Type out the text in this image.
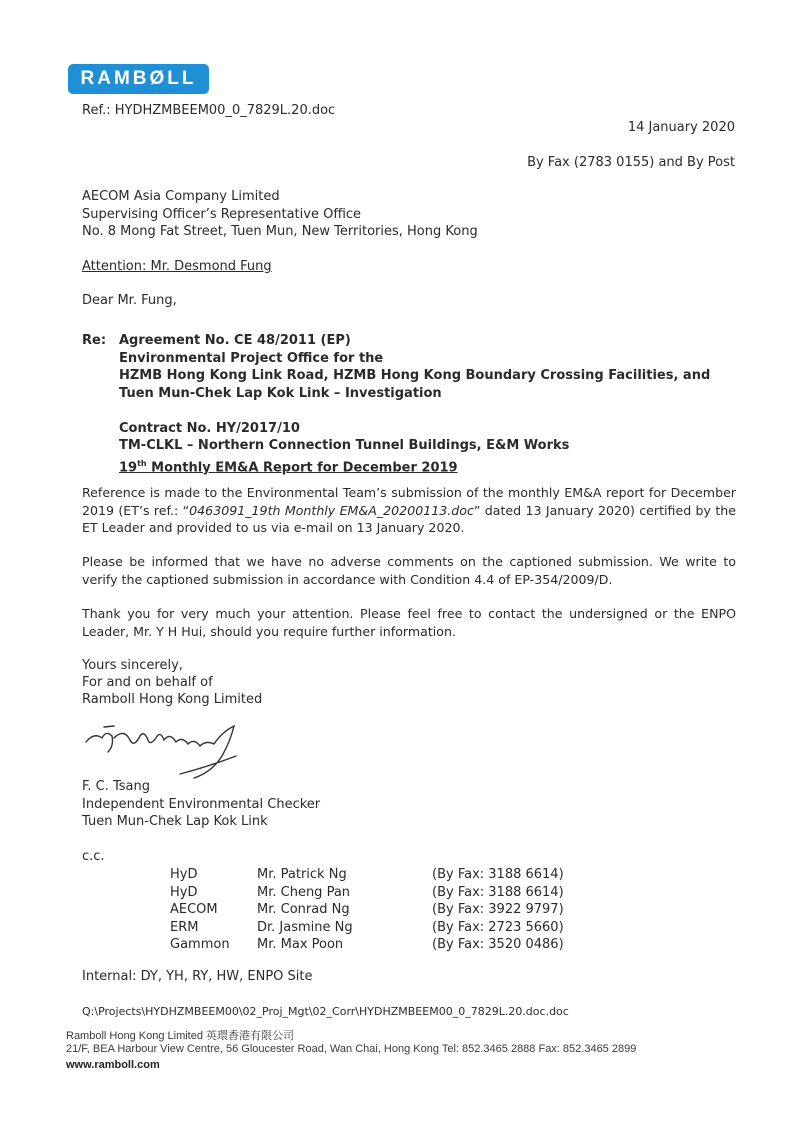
RAMBØLL
Ref.: HYDHZMBEEM00_0_7829L.20.doc
14 January 2020
By Fax (2783 0155) and By Post
AECOM Asia Company Limited
Supervising Officer’s Representative Office
No. 8 Mong Fat Street, Tuen Mun, New Territories, Hong Kong
Attention: Mr. Desmond Fung
Dear Mr. Fung,
Re: Agreement No. CE 48/2011 (EP)
Environmental Project Office for the
HZMB Hong Kong Link Road, HZMB Hong Kong Boundary Crossing Facilities, and
Tuen Mun-Chek Lap Kok Link – Investigation
Contract No. HY/2017/10
TM-CLKL – Northern Connection Tunnel Buildings, E&M Works
19th Monthly EM&A Report for December 2019
Reference is made to the Environmental Team’s submission of the monthly EM&A report for December 2019 (ET’s ref.: “0463091_19th Monthly EM&A_20200113.doc” dated 13 January 2020) certified by the ET Leader and provided to us via e-mail on 13 January 2020.
Please be informed that we have no adverse comments on the captioned submission. We write to verify the captioned submission in accordance with Condition 4.4 of EP-354/2009/D.
Thank you for very much your attention. Please feel free to contact the undersigned or the ENPO Leader, Mr. Y H Hui, should you require further information.
Yours sincerely,
For and on behalf of
Ramboll Hong Kong Limited
F. C. Tsang
Independent Environmental Checker
Tuen Mun-Chek Lap Kok Link
c.c.
HyD	Mr. Patrick Ng	(By Fax: 3188 6614)
HyD	Mr. Cheng Pan	(By Fax: 3188 6614)
AECOM	Mr. Conrad Ng	(By Fax: 3922 9797)
ERM	Dr. Jasmine Ng	(By Fax: 2723 5660)
Gammon	Mr. Max Poon	(By Fax: 3520 0486)
Internal: DY, YH, RY, HW, ENPO Site
Q:\Projects\HYDHZMBEEM00\02_Proj_Mgt\02_Corr\HYDHZMBEEM00_0_7829L.20.doc.doc
Ramboll Hong Kong Limited 英環香港有限公司
21/F, BEA Harbour View Centre, 56 Gloucester Road, Wan Chai, Hong Kong Tel: 852.3465 2888 Fax: 852.3465 2899
www.ramboll.com
